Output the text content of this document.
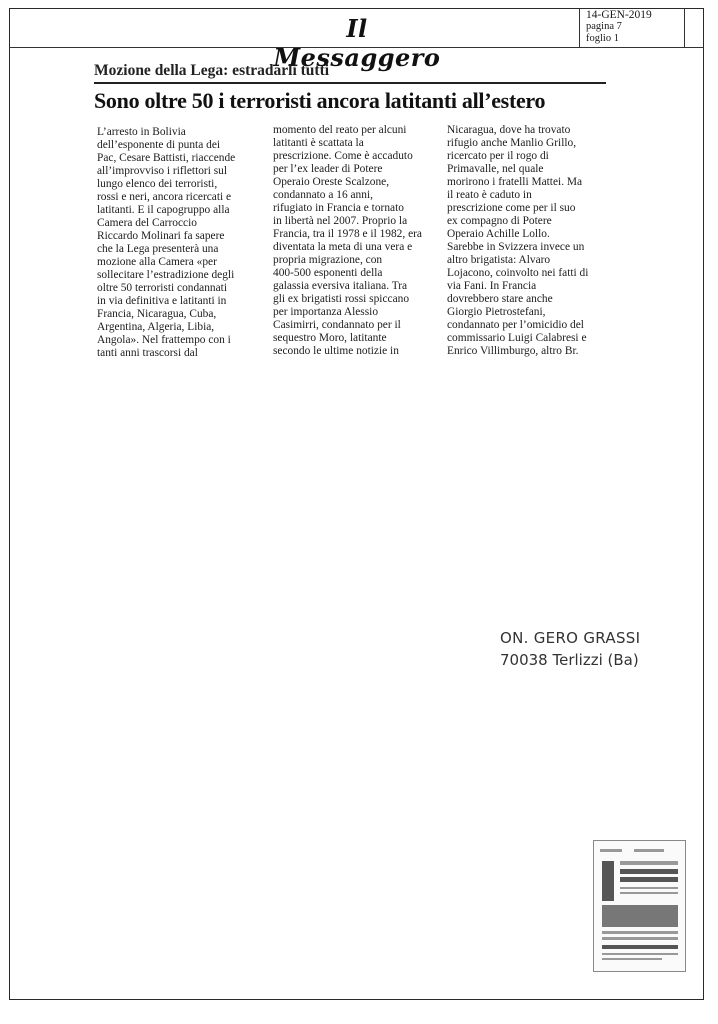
Il Messaggero
14-GEN-2019
pagina 7
foglio 1
Mozione della Lega: estradarli tutti
Sono oltre 50 i terroristi ancora latitanti all’estero
L’arresto in Bolivia
dell’esponente di punta dei
Pac, Cesare Battisti, riaccende
all’improvviso i riflettori sul
lungo elenco dei terroristi,
rossi e neri, ancora ricercati e
latitanti. E il capogruppo alla
Camera del Carroccio
Riccardo Molinari fa sapere
che la Lega presenterà una
mozione alla Camera «per
sollecitare l’estradizione degli
oltre 50 terroristi condannati
in via definitiva e latitanti in
Francia, Nicaragua, Cuba,
Argentina, Algeria, Libia,
Angola». Nel frattempo con i
tanti anni trascorsi dal
momento del reato per alcuni
latitanti è scattata la
prescrizione. Come è accaduto
per l’ex leader di Potere
Operaio Oreste Scalzone,
condannato a 16 anni,
rifugiato in Francia e tornato
in libertà nel 2007. Proprio la
Francia, tra il 1978 e il 1982, era
diventata la meta di una vera e
propria migrazione, con
400-500 esponenti della
galassia eversiva italiana. Tra
gli ex brigatisti rossi spiccano
per importanza Alessio
Casimirri, condannato per il
sequestro Moro, latitante
secondo le ultime notizie in
Nicaragua, dove ha trovato
rifugio anche Manlio Grillo,
ricercato per il rogo di
Primavalle, nel quale
morirono i fratelli Mattei. Ma
il reato è caduto in
prescrizione come per il suo
ex compagno di Potere
Operaio Achille Lollo.
Sarebbe in Svizzera invece un
altro brigatista: Alvaro
Lojacono, coinvolto nei fatti di
via Fani. In Francia
dovrebbero stare anche
Giorgio Pietrostefani,
condannato per l’omicidio del
commissario Luigi Calabresi e
Enrico Villimburgo, altro Br.
ON. GERO GRASSI
70038 Terlizzi (Ba)
